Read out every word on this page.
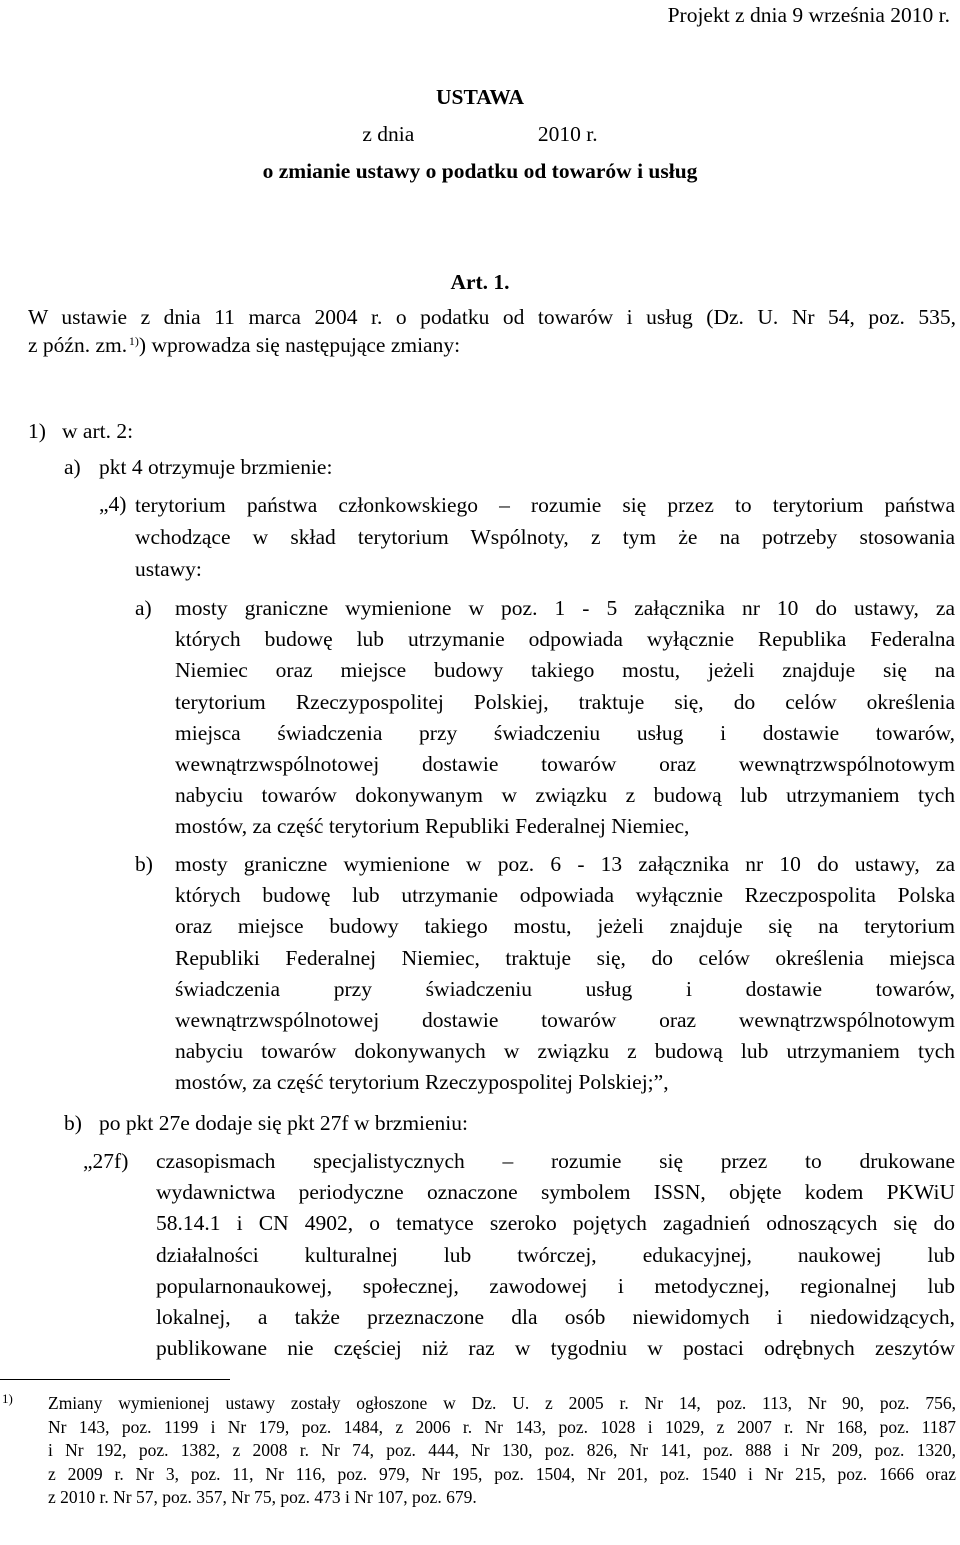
Projekt z dnia 9 września 2010 r.
USTAWA
z dnia                       2010 r.
o zmianie ustawy o podatku od towarów i usług
Art. 1.
W ustawie z dnia 11 marca 2004 r. o podatku od towarów i usług (Dz. U. Nr 54, poz. 535,
z późn. zm.  $^{1)}$) wprowadza się następujące zmiany:
1) w art. 2:
a) pkt 4 otrzymuje brzmienie:
„4) terytorium państwa członkowskiego – rozumie się przez to terytorium państwa
wchodzące w skład terytorium Wspólnoty, z tym że na potrzeby stosowania
ustawy:
a) mosty graniczne wymienione w poz. 1 - 5 załącznika nr 10 do ustawy, za
których budowę lub utrzymanie odpowiada wyłącznie Republika Federalna
Niemiec oraz miejsce budowy takiego mostu, jeżeli znajduje się na
terytorium Rzeczypospolitej Polskiej, traktuje się, do celów określenia
miejsca świadczenia przy świadczeniu usług i dostawie towarów,
wewnątrzwspólnotowej dostawie towarów oraz wewnątrzwspólnotowym
nabyciu towarów dokonywanym w związku z budową lub utrzymaniem tych
mostów, za część terytorium Republiki Federalnej Niemiec,
b) mosty graniczne wymienione w poz. 6 - 13 załącznika nr 10 do ustawy, za
których budowę lub utrzymanie odpowiada wyłącznie Rzeczpospolita Polska
oraz miejsce budowy takiego mostu, jeżeli znajduje się na terytorium
Republiki Federalnej Niemiec, traktuje się, do celów określenia miejsca
świadczenia przy świadczeniu usług i dostawie towarów,
wewnątrzwspólnotowej dostawie towarów oraz wewnątrzwspólnotowym
nabyciu towarów dokonywanych w związku z budową lub utrzymaniem tych
mostów, za część terytorium Rzeczypospolitej Polskiej;”,
b) po pkt 27e dodaje się pkt 27f w brzmieniu:
„27f) czasopismach specjalistycznych – rozumie się przez to drukowane
wydawnictwa periodyczne oznaczone symbolem ISSN, objęte kodem PKWiU
58.14.1 i CN 4902, o tematyce szeroko pojętych zagadnień odnoszących się do
działalności kulturalnej lub twórczej, edukacyjnej, naukowej lub
popularnonaukowej, społecznej, zawodowej i metodycznej, regionalnej lub
lokalnej, a także przeznaczone dla osób niewidomych i niedowidzących,
publikowane nie częściej niż raz w tygodniu w postaci odrębnych zeszytów
1) Zmiany wymienionej ustawy zostały ogłoszone w Dz. U. z 2005 r. Nr 14, poz. 113, Nr 90, poz. 756,
Nr 143, poz. 1199 i Nr 179, poz. 1484, z 2006 r. Nr 143, poz. 1028 i 1029, z 2007 r. Nr 168, poz. 1187
i Nr 192, poz. 1382, z 2008 r. Nr 74, poz. 444, Nr 130, poz. 826, Nr 141, poz. 888 i Nr 209, poz. 1320,
z 2009 r. Nr 3, poz. 11, Nr 116, poz. 979, Nr 195, poz. 1504, Nr 201, poz. 1540 i Nr 215, poz. 1666 oraz
z 2010 r. Nr 57, poz. 357, Nr 75, poz. 473 i Nr 107, poz. 679.
